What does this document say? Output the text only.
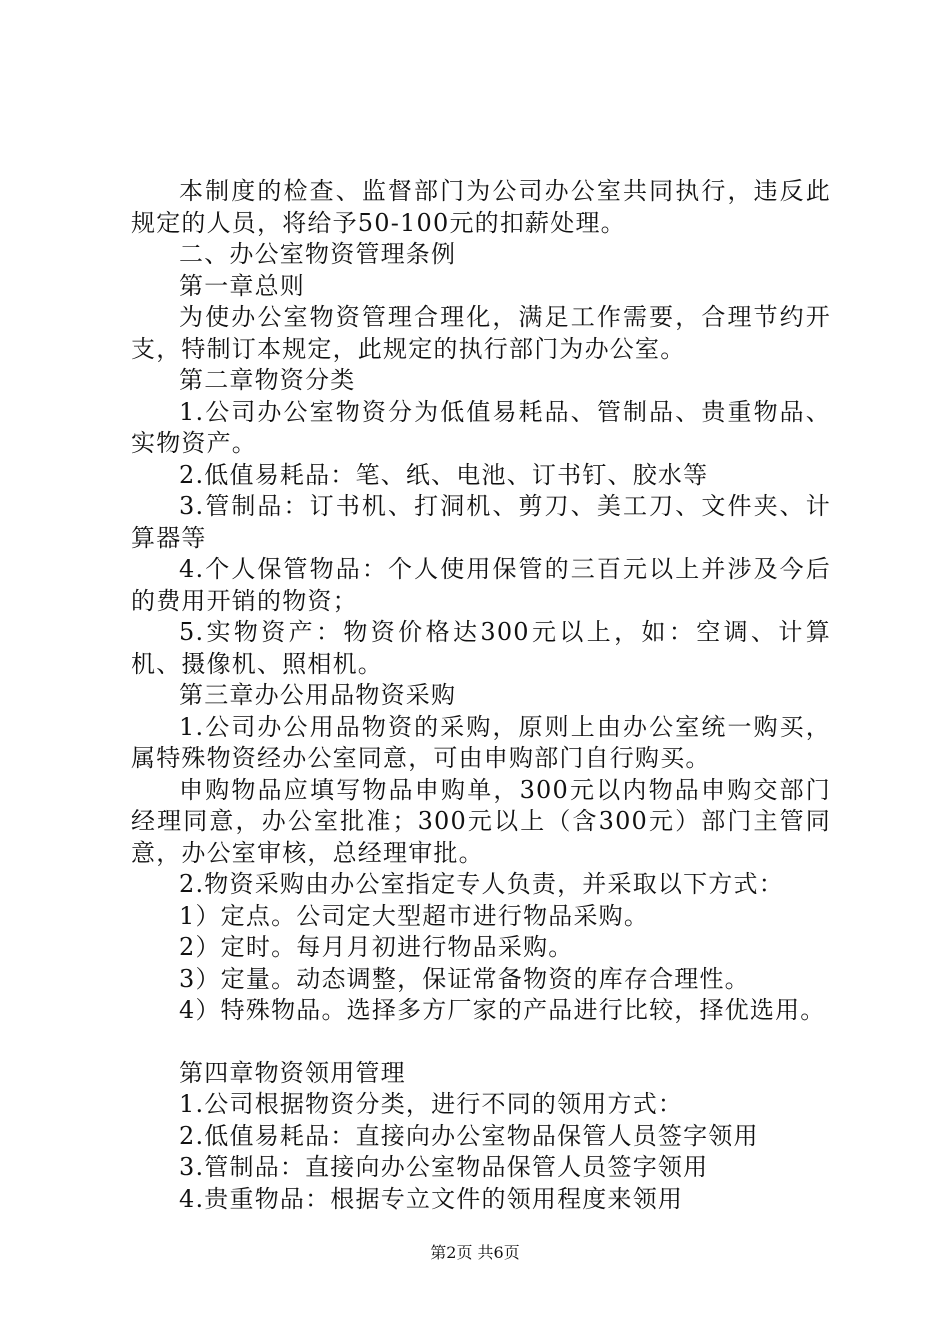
本制度的检查、监督部门为公司办公室共同执行，违反此规定的人员，将给予50-100元的扣薪处理。

二、办公室物资管理条例

第一章总则

为使办公室物资管理合理化，满足工作需要，合理节约开支，特制订本规定，此规定的执行部门为办公室。

第二章物资分类

1.公司办公室物资分为低值易耗品、管制品、贵重物品、实物资产。

2.低值易耗品：笔、纸、电池、订书钉、胶水等

3.管制品：订书机、打洞机、剪刀、美工刀、文件夹、计算器等

4.个人保管物品：个人使用保管的三百元以上并涉及今后的费用开销的物资；

5.实物资产：物资价格达300元以上，如：空调、计算机、摄像机、照相机。

第三章办公用品物资采购

1.公司办公用品物资的采购，原则上由办公室统一购买，属特殊物资经办公室同意，可由申购部门自行购买。

申购物品应填写物品申购单，300元以内物品申购交部门经理同意，办公室批准；300元以上（含300元）部门主管同意，办公室审核，总经理审批。

2.物资采购由办公室指定专人负责，并采取以下方式：

1）定点。公司定大型超市进行物品采购。

2）定时。每月月初进行物品采购。

3）定量。动态调整，保证常备物资的库存合理性。

4）特殊物品。选择多方厂家的产品进行比较，择优选用。

第四章物资领用管理

1.公司根据物资分类，进行不同的领用方式：

2.低值易耗品：直接向办公室物品保管人员签字领用

3.管制品：直接向办公室物品保管人员签字领用

4.贵重物品：根据专立文件的领用程度来领用

第2页 共6页
